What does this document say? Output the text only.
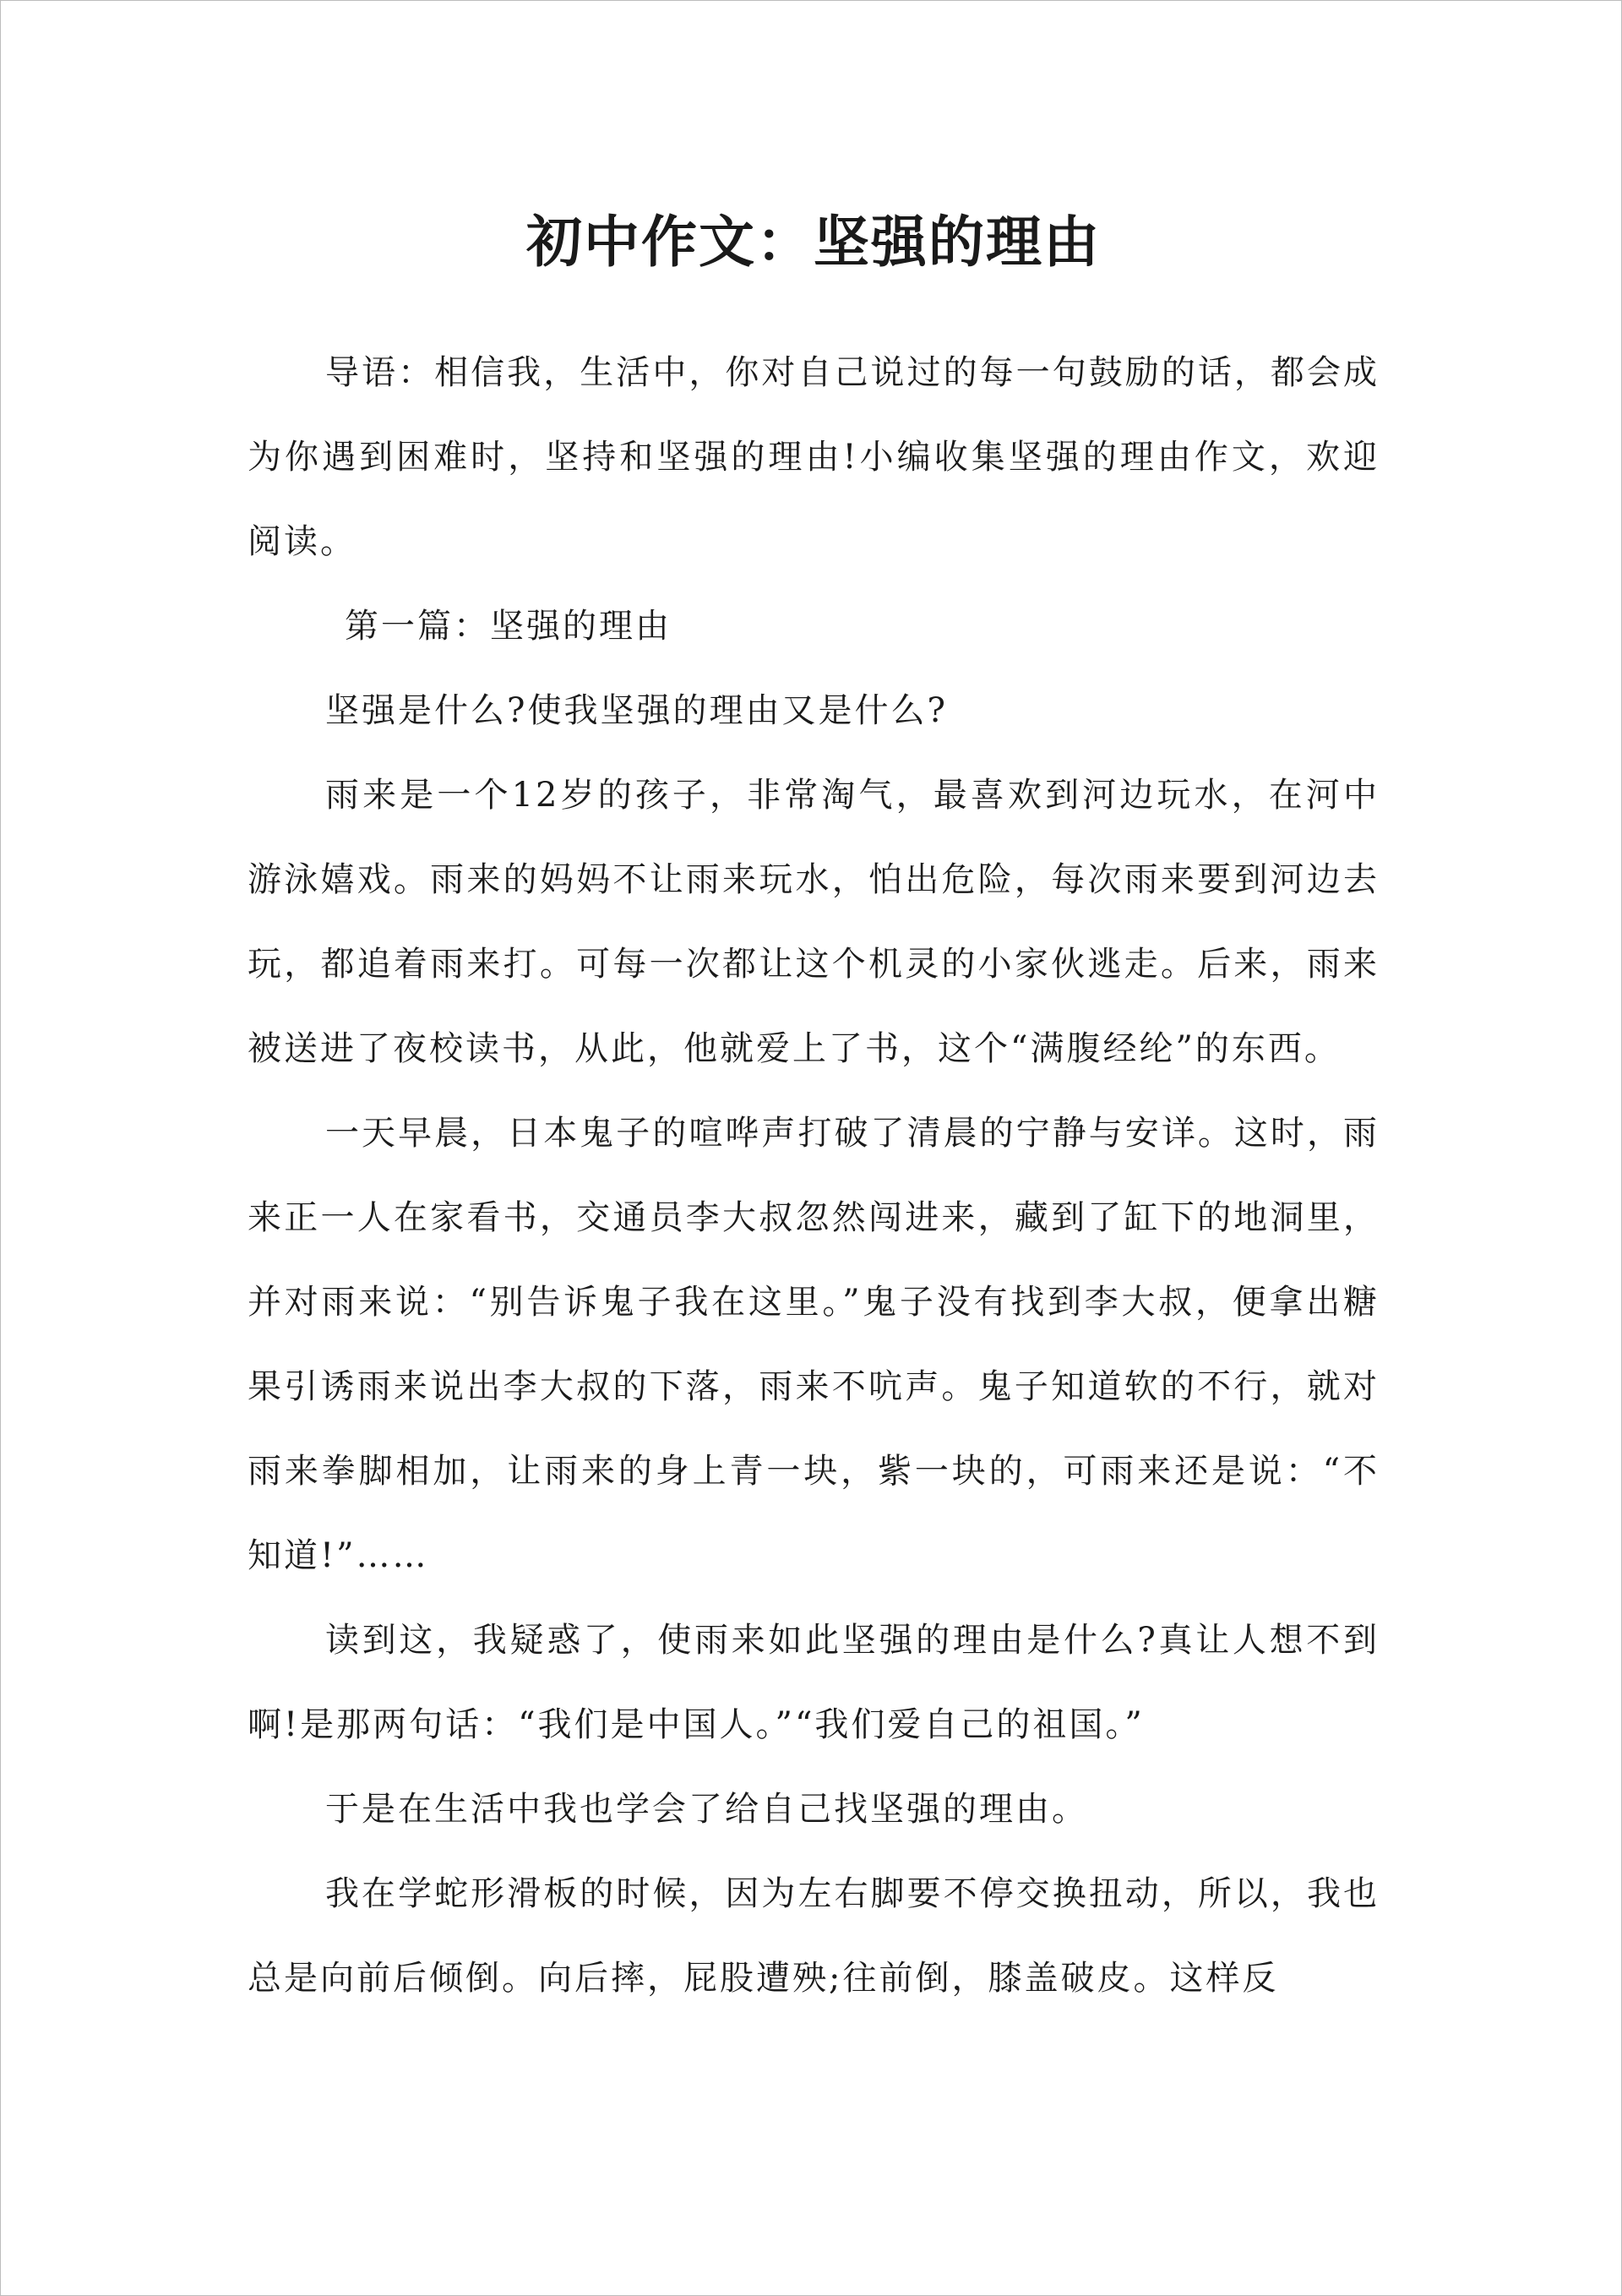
初中作文：坚强的理由

导语：相信我，生活中，你对自己说过的每一句鼓励的话，都会成为你遇到困难时，坚持和坚强的理由!小编收集坚强的理由作文，欢迎阅读。

第一篇：坚强的理由

坚强是什么?使我坚强的理由又是什么?

雨来是一个12岁的孩子，非常淘气，最喜欢到河边玩水，在河中游泳嬉戏。雨来的妈妈不让雨来玩水，怕出危险，每次雨来要到河边去玩，都追着雨来打。可每一次都让这个机灵的小家伙逃走。后来，雨来被送进了夜校读书，从此，他就爱上了书，这个“满腹经纶”的东西。

一天早晨，日本鬼子的喧哗声打破了清晨的宁静与安详。这时，雨来正一人在家看书，交通员李大叔忽然闯进来，藏到了缸下的地洞里，并对雨来说：“别告诉鬼子我在这里。”鬼子没有找到李大叔，便拿出糖果引诱雨来说出李大叔的下落，雨来不吭声。鬼子知道软的不行，就对雨来拳脚相加，让雨来的身上青一块，紫一块的，可雨来还是说：“不知道!”……

读到这，我疑惑了，使雨来如此坚强的理由是什么?真让人想不到啊!是那两句话：“我们是中国人。”“我们爱自己的祖国。”

于是在生活中我也学会了给自己找坚强的理由。

我在学蛇形滑板的时候，因为左右脚要不停交换扭动，所以，我也总是向前后倾倒。向后摔，屁股遭殃;往前倒，膝盖破皮。这样反
